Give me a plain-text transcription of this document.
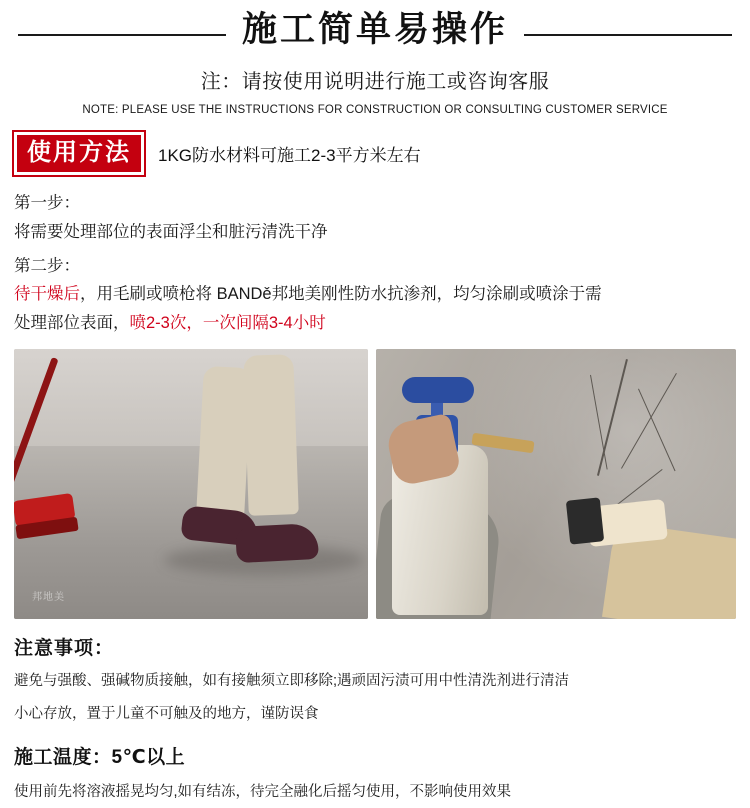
施工简单易操作
注：请按使用说明进行施工或咨询客服
NOTE: PLEASE USE THE INSTRUCTIONS FOR CONSTRUCTION OR CONSULTING CUSTOMER SERVICE
使用方法	1KG防水材料可施工2-3平方米左右
第一步：
将需要处理部位的表面浮尘和脏污清洗干净
第二步：
待干燥后，用毛刷或喷枪将 BANDě邦地美刚性防水抗渗剂，均匀涂刷或喷涂于需
处理部位表面，喷2-3次，一次间隔3-4小时
邦地美
注意事项：
避免与强酸、强碱物质接触，如有接触须立即移除;遇顽固污渍可用中性清洗剂进行清洁
小心存放，置于儿童不可触及的地方，谨防误食
施工温度：5℃以上
使用前先将溶液摇晃均匀,如有结冻，待完全融化后摇匀使用，不影响使用效果
